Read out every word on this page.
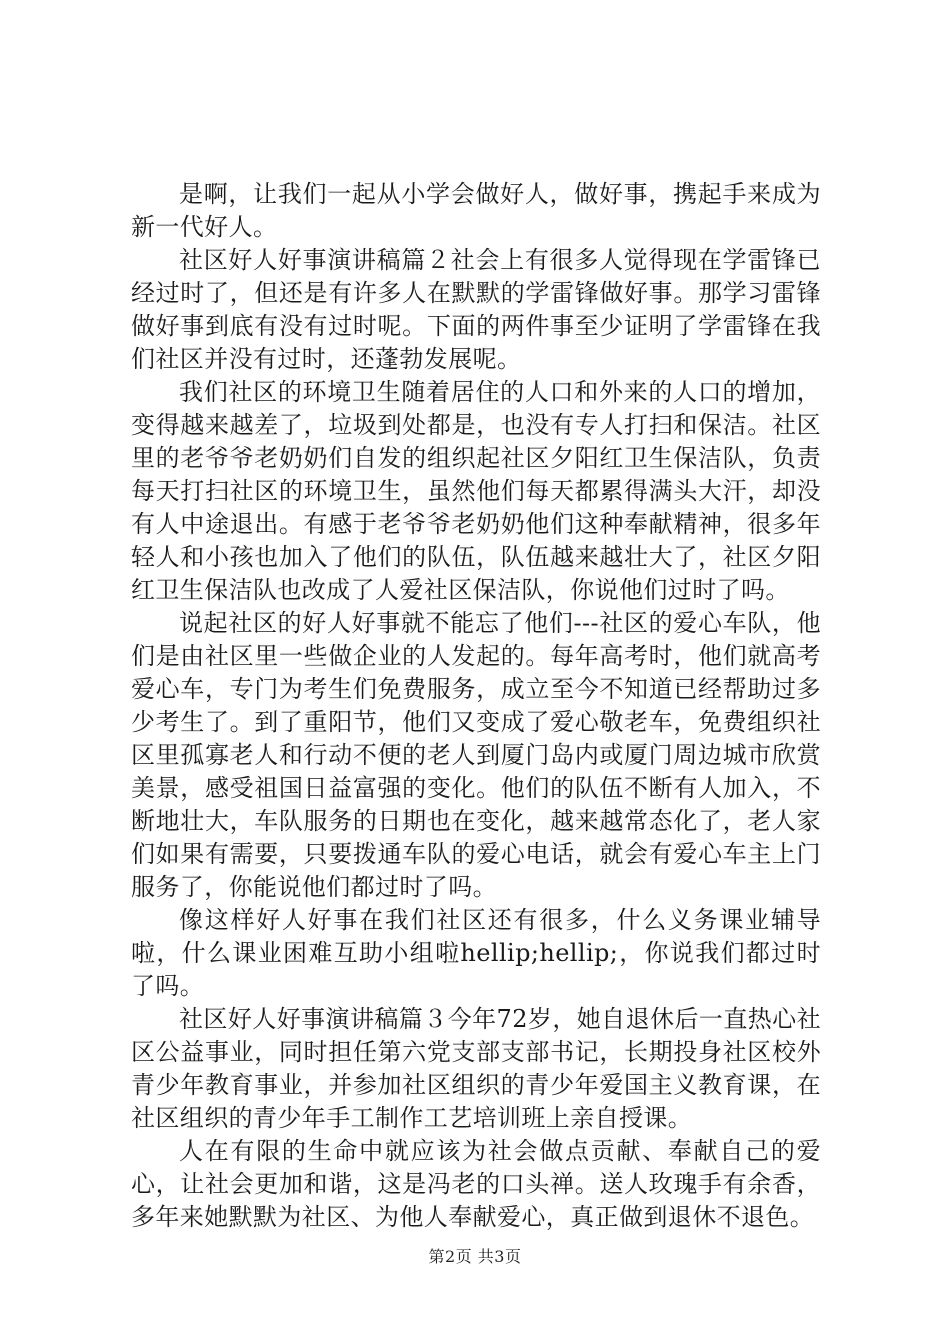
是啊，让我们一起从小学会做好人，做好事，携起手来成为新一代好人。

社区好人好事演讲稿篇２社会上有很多人觉得现在学雷锋已经过时了，但还是有许多人在默默的学雷锋做好事。那学习雷锋做好事到底有没有过时呢。下面的两件事至少证明了学雷锋在我们社区并没有过时，还蓬勃发展呢。

我们社区的环境卫生随着居住的人口和外来的人口的增加，变得越来越差了，垃圾到处都是，也没有专人打扫和保洁。社区里的老爷爷老奶奶们自发的组织起社区夕阳红卫生保洁队，负责每天打扫社区的环境卫生，虽然他们每天都累得满头大汗，却没有人中途退出。有感于老爷爷老奶奶他们这种奉献精神，很多年轻人和小孩也加入了他们的队伍，队伍越来越壮大了，社区夕阳红卫生保洁队也改成了人爱社区保洁队，你说他们过时了吗。

说起社区的好人好事就不能忘了他们---社区的爱心车队，他们是由社区里一些做企业的人发起的。每年高考时，他们就高考爱心车，专门为考生们免费服务，成立至今不知道已经帮助过多少考生了。到了重阳节，他们又变成了爱心敬老车，免费组织社区里孤寡老人和行动不便的老人到厦门岛内或厦门周边城市欣赏美景，感受祖国日益富强的变化。他们的队伍不断有人加入，不断地壮大，车队服务的日期也在变化，越来越常态化了，老人家们如果有需要，只要拨通车队的爱心电话，就会有爱心车主上门服务了，你能说他们都过时了吗。

像这样好人好事在我们社区还有很多，什么义务课业辅导啦，什么课业困难互助小组啦hellip;hellip;，你说我们都过时了吗。

社区好人好事演讲稿篇３今年72岁，她自退休后一直热心社区公益事业，同时担任第六党支部支部书记，长期投身社区校外青少年教育事业，并参加社区组织的青少年爱国主义教育课，在社区组织的青少年手工制作工艺培训班上亲自授课。

人在有限的生命中就应该为社会做点贡献、奉献自己的爱心，让社会更加和谐，这是冯老的口头禅。送人玫瑰手有余香，多年来她默默为社区、为他人奉献爱心，真正做到退休不退色。

第2页 共3页
